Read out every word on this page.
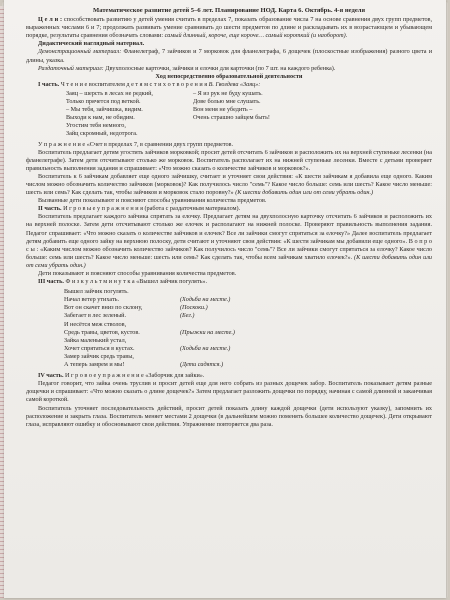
Математическое развитие детей 5–6 лет. Планирование НОД. Карта 6. Октябрь. 4-я неделя

Ц е л и : способствовать развитию у детей умения считать в пределах 7, показать образование числа 7 на основе сравнения двух групп предметов, выраженных числами 6 и 7; продолжать развивать умение сравнивать до шести предметов по длине и раскладывать их в возрастающем и убывающем порядке, результаты сравнения обозначать словами: самый длинный, короче, еще короче… самый короткий (и наоборот).

Дидактический наглядный материал.

Демонстрационный материал: Фланелеграф, 7 зайчиков и 7 морковок для фланелеграфа, 6 дощечек (плоскостные изображения) разного цвета и длины, указка.

Раздаточный материал: Двухполосные карточки, зайчики и елочки для карточки (по 7 шт. на каждого ребенка).

Ход непосредственно образовательной деятельности

I часть. Ч т е н и е воспитателем д е т я м с т и х о т в о р е н и я В. Гвоздева «Заяц»:

Заяц – шерсть в лесах не редкий,
Только прячется под веткой.
– Мы тебя, зайчишка, видим.
Выходи к нам, не обидим.
Угостим тебя немного,
Зайц скромный, недотрога.
– Я из рук не буду кушать.
Дове болью мне слушать.
Вон меня не убедить –
Очень страшно зайцем быть!

У п р а ж н е н и е «Счет в пределах 7, в сравнении двух групп предметов.

Воспитатель предлагает детям угостить зайчиков морковкой; просит детей отсчитать 6 зайчиков и расположить их на верхней ступеньке лесенки (на фланелеграфе). Затем дети отсчитывают столько же морковок. Воспитатель располагает их на нижней ступеньке лесенки. Вместе с детьми проверяет правильность выполнения задания и спрашивает: «Что можно сказать о количестве зайчиков и морковок?».

Воспитатель к 6 зайчикам добавляет еще одного зайчишку, считает и уточняет свои действия: «К шести зайчикам я добавила еще одного. Каким числом можно обозначить количество зайчиков (морковок)? Как получилось число "семь"? Какое число больше: семь или шесть? Какое число меньше: шесть или семь? Как сделать так, чтобы зайчиков и морковок стало поровну?» (К шести добавить один или от семи убрать один.)

Вызванные дети показывают и поясняют способы уравнивания количества предметов.

II часть. И г р о в ы е у п р а ж н е н и я (работа с раздаточным материалом).

Воспитатель предлагает каждого зайчика спрятать за елочку. Предлагает детям на двухполосную карточку отсчитать 6 зайчиков и расположить их на верхней полоске. Затем дети отсчитывают столько же елочек и располагают на нижней полоске. Проверяют правильность выполнения задания. Педагог спрашивает: «Что можно сказать о количестве зайчиков и елочек? Все ли зайчики смогут спрятаться за елочку?» Далее воспитатель предлагает детям добавить еще одного зайку на верхнюю полоску, дети считают и уточняют свои действия: «К шести зайчикам мы добавили еще одного». В о п р о с ы : «Каким числом можно обозначить количество зайчиков? Как получилось число "семь"? Все ли зайчики смогут спрятаться за елочку? Какое число больше: семь или шесть? Какое число меньше: шесть или семь? Как сделать так, чтобы всем зайчикам хватило елочек?». (К шести добавить один или от семи убрать один.)

Дети показывают и поясняют способы уравнивания количества предметов.

III часть. Ф и з к у л ь т м и н у т к а «Вышел зайчик погулять».

Вышел зайчик погулять.
Начал ветер утихать.	(Ходьба на месте.)
Вот он скачет вниз по склону,	(Поскоки.)
Забегает в лес зеленый.	(Бег.)
И несётся меж стволов,
Средь травы, цветов, кустов.	(Прыжки на месте.)
Зайка маленький устал,
Хочет спрятаться в кустах.	(Ходьба на месте.)
Замер зайчик средь травы,
А теперь замрем и мы!	(Дети садятся.)

IV часть. И г р о в о е у п р а ж н е н и е «Заборчик для зайки».

Педагог говорит, что зайка очень труслив и просит детей еще для него собрать из разных дощечек забор. Воспитатель показывает детям разные дощечки и спрашивает: «Что можно сказать о длине дощечек?» Затем предлагает разложить дощечки по порядку, начиная с самой длинной и заканчивая самой короткой.

Воспитатель уточняет последовательность действий, просит детей показать длину каждой дощечки (дети используют указку), запомнить их расположение и закрыть глаза. Воспитатель меняет местами 2 дощечки (в дальнейшем можно поменять большее количество дощечек). Дети открывают глаза, исправляют ошибку и обосновывают свои действия. Упражнение повторяется два раза.
